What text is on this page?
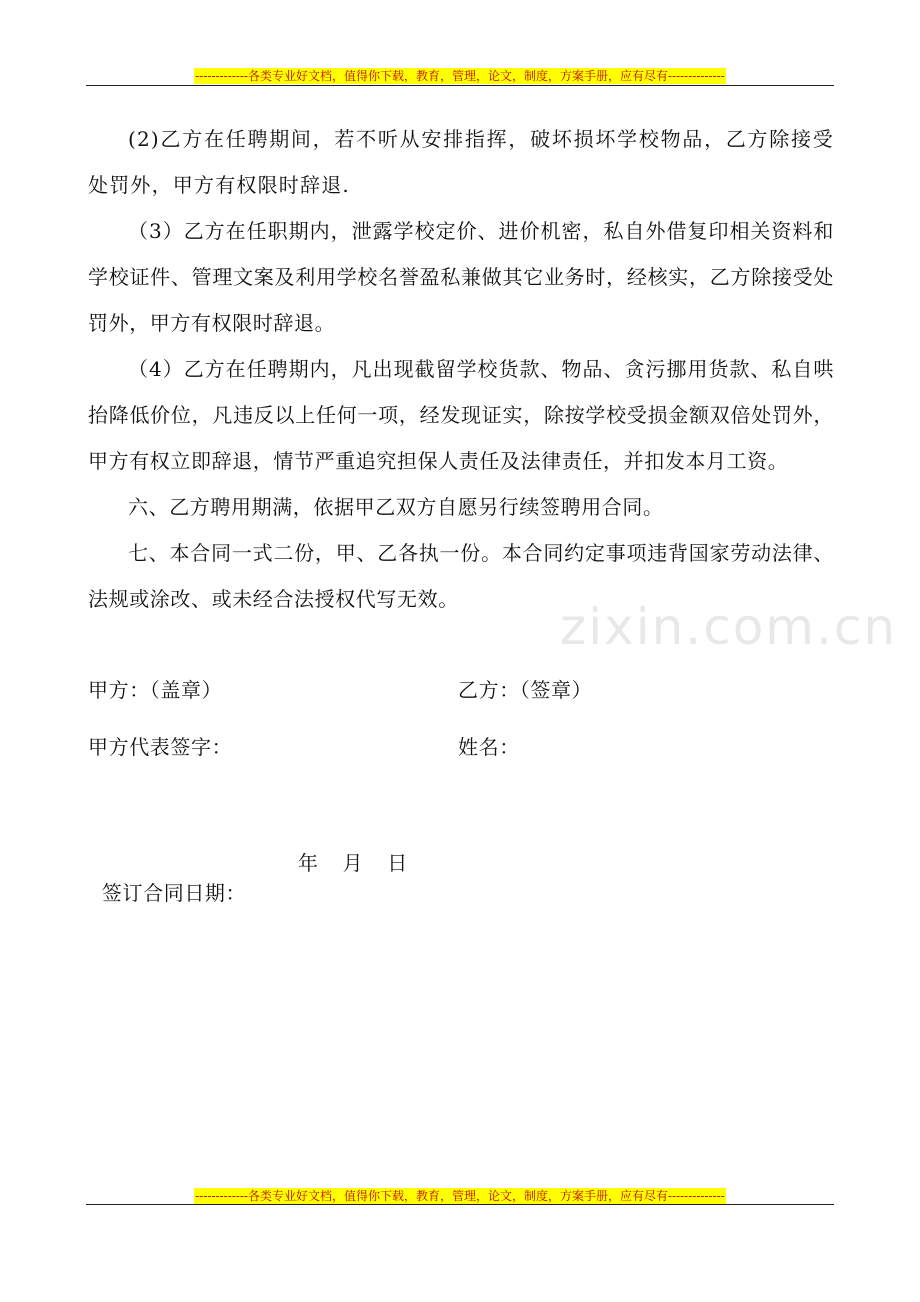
-------------各类专业好文档，值得你下载，教育，管理，论文，制度，方案手册，应有尽有--------------
zixin.com.cn

(2)乙方在任聘期间，若不听从安排指挥，破坏损坏学校物品，乙方除接受处罚外，甲方有权限时辞退.

（3）乙方在任职期内，泄露学校定价、进价机密，私自外借复印相关资料和学校证件、管理文案及利用学校名誉盈私兼做其它业务时，经核实，乙方除接受处罚外，甲方有权限时辞退。

（4）乙方在任聘期内，凡出现截留学校货款、物品、贪污挪用货款、私自哄抬降低价位，凡违反以上任何一项，经发现证实，除按学校受损金额双倍处罚外，甲方有权立即辞退，情节严重追究担保人责任及法律责任，并扣发本月工资。

六、乙方聘用期满，依据甲乙双方自愿另行续签聘用合同。

七、本合同一式二份，甲、乙各执一份。本合同约定事项违背国家劳动法律、法规或涂改、或未经合法授权代写无效。

甲方：（盖章）	乙方：（签章）
甲方代表签字：	姓名：

签订合同日期：

年 月 日

-------------各类专业好文档，值得你下载，教育，管理，论文，制度，方案手册，应有尽有--------------
